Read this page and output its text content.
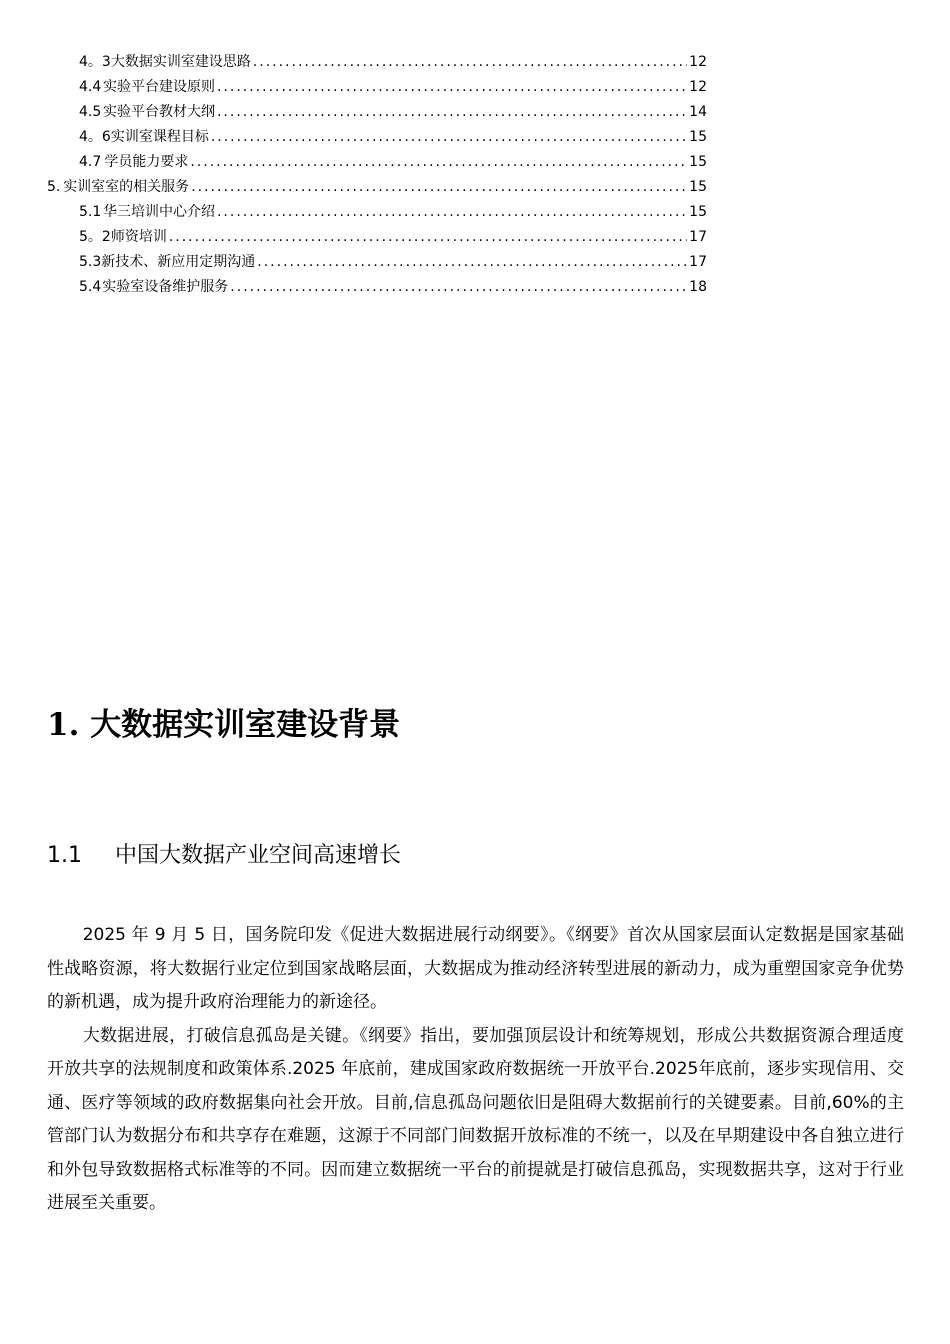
4。3 大数据实训室建设思路 .....	12
4.4 实验平台建设原则 .....	12
4.5 实验平台教材大纲 .....	14
4。6 实训室课程目标 .....	15
4.7 学员能力要求 .....	15
5. 实训室室的相关服务 .....	15
5.1 华三培训中心介绍 .....	15
5。2 师资培训 .....	17
5.3 新技术、新应用定期沟通 .....	17
5.4 实验室设备维护服务 .....	18
1. 大数据实训室建设背景
1.1 中国大数据产业空间高速增长

2025 年 9 月 5 日，国务院印发《促进大数据进展行动纲要》。《纲要》首次从国家层面认定数据是国家基础性战略资源，将大数据行业定位到国家战略层面，大数据成为推动经济转型进展的新动力，成为重塑国家竞争优势的新机遇，成为提升政府治理能力的新途径。

大数据进展，打破信息孤岛是关键。《纲要》指出，要加强顶层设计和统筹规划，形成公共数据资源合理适度开放共享的法规制度和政策体系.2025 年底前，建成国家政府数据统一开放平台.2025年底前，逐步实现信用、交通、医疗等领域的政府数据集向社会开放。目前,信息孤岛问题依旧是阻碍大数据前行的关键要素。目前,60%的主管部门认为数据分布和共享存在难题，这源于不同部门间数据开放标准的不统一，以及在早期建设中各自独立进行和外包导致数据格式标准等的不同。因而建立数据统一平台的前提就是打破信息孤岛，实现数据共享，这对于行业进展至关重要。
